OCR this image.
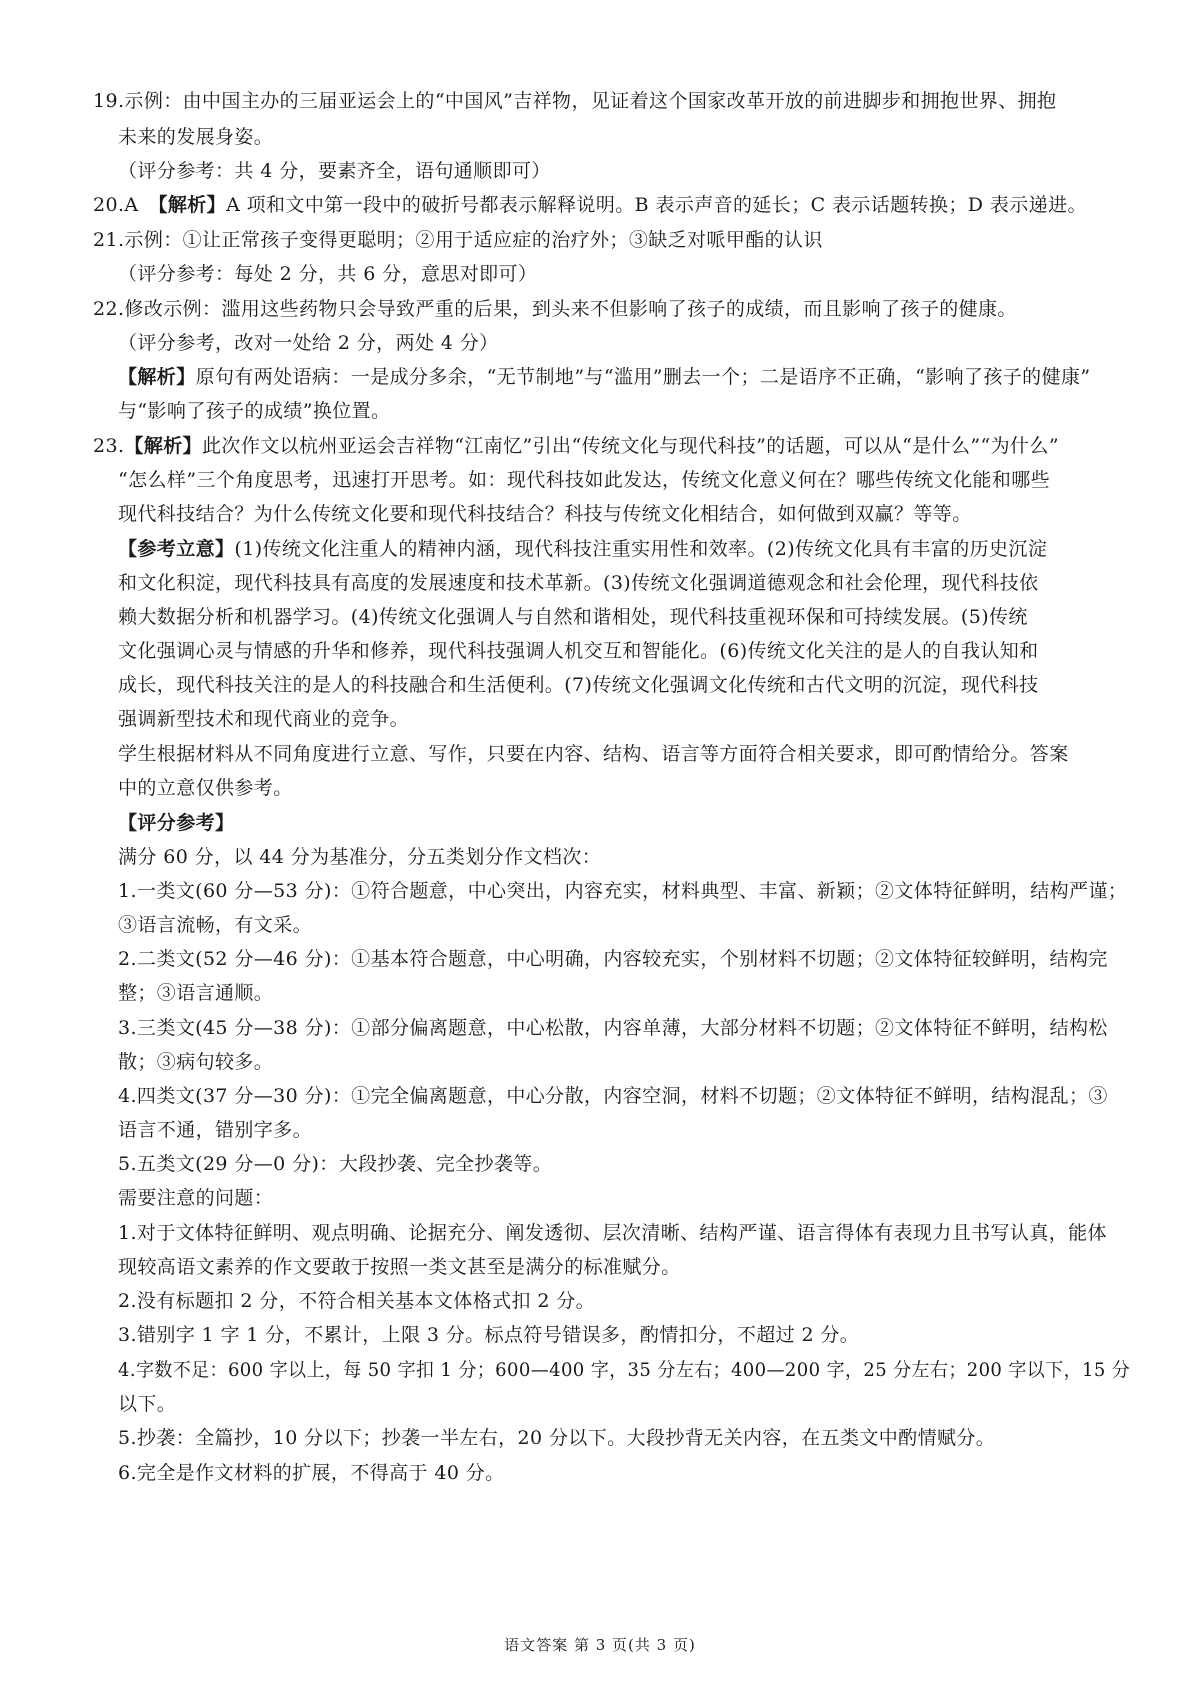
19.示例：由中国主办的三届亚运会上的“中国风”吉祥物，见证着这个国家改革开放的前进脚步和拥抱世界、拥抱
未来的发展身姿。
（评分参考：共 4 分，要素齐全，语句通顺即可）
20.A　【解析】A 项和文中第一段中的破折号都表示解释说明。B 表示声音的延长；C 表示话题转换；D 表示递进。
21.示例：①让正常孩子变得更聪明；②用于适应症的治疗外；③缺乏对哌甲酯的认识
（评分参考：每处 2 分，共 6 分，意思对即可）
22.修改示例：滥用这些药物只会导致严重的后果，到头来不但影响了孩子的成绩，而且影响了孩子的健康。
（评分参考，改对一处给 2 分，两处 4 分）
【解析】原句有两处语病：一是成分多余，“无节制地”与“滥用”删去一个；二是语序不正确，“影响了孩子的健康”
与“影响了孩子的成绩”换位置。
23.【解析】此次作文以杭州亚运会吉祥物“江南忆”引出“传统文化与现代科技”的话题，可以从“是什么”“为什么”
“怎么样”三个角度思考，迅速打开思考。如：现代科技如此发达，传统文化意义何在？哪些传统文化能和哪些
现代科技结合？为什么传统文化要和现代科技结合？科技与传统文化相结合，如何做到双赢？等等。
【参考立意】(1)传统文化注重人的精神内涵，现代科技注重实用性和效率。(2)传统文化具有丰富的历史沉淀
和文化积淀，现代科技具有高度的发展速度和技术革新。(3)传统文化强调道德观念和社会伦理，现代科技依
赖大数据分析和机器学习。(4)传统文化强调人与自然和谐相处，现代科技重视环保和可持续发展。(5)传统
文化强调心灵与情感的升华和修养，现代科技强调人机交互和智能化。(6)传统文化关注的是人的自我认知和
成长，现代科技关注的是人的科技融合和生活便利。(7)传统文化强调文化传统和古代文明的沉淀，现代科技
强调新型技术和现代商业的竞争。
学生根据材料从不同角度进行立意、写作，只要在内容、结构、语言等方面符合相关要求，即可酌情给分。答案
中的立意仅供参考。
【评分参考】
满分 60 分，以 44 分为基准分，分五类划分作文档次：
1.一类文(60 分—53 分)：①符合题意，中心突出，内容充实，材料典型、丰富、新颖；②文体特征鲜明，结构严谨；
③语言流畅，有文采。
2.二类文(52 分—46 分)：①基本符合题意，中心明确，内容较充实，个别材料不切题；②文体特征较鲜明，结构完
整；③语言通顺。
3.三类文(45 分—38 分)：①部分偏离题意，中心松散，内容单薄，大部分材料不切题；②文体特征不鲜明，结构松
散；③病句较多。
4.四类文(37 分—30 分)：①完全偏离题意，中心分散，内容空洞，材料不切题；②文体特征不鲜明，结构混乱；③
语言不通，错别字多。
5.五类文(29 分—0 分)：大段抄袭、完全抄袭等。
需要注意的问题：
1.对于文体特征鲜明、观点明确、论据充分、阐发透彻、层次清晰、结构严谨、语言得体有表现力且书写认真，能体
现较高语文素养的作文要敢于按照一类文甚至是满分的标准赋分。
2.没有标题扣 2 分，不符合相关基本文体格式扣 2 分。
3.错别字 1 字 1 分，不累计，上限 3 分。标点符号错误多，酌情扣分，不超过 2 分。
4.字数不足：600 字以上，每 50 字扣 1 分；600—400 字，35 分左右；400—200 字，25 分左右；200 字以下，15 分
以下。
5.抄袭：全篇抄，10 分以下；抄袭一半左右，20 分以下。大段抄背无关内容，在五类文中酌情赋分。
6.完全是作文材料的扩展，不得高于 40 分。
语文答案 第 3 页(共 3 页)
